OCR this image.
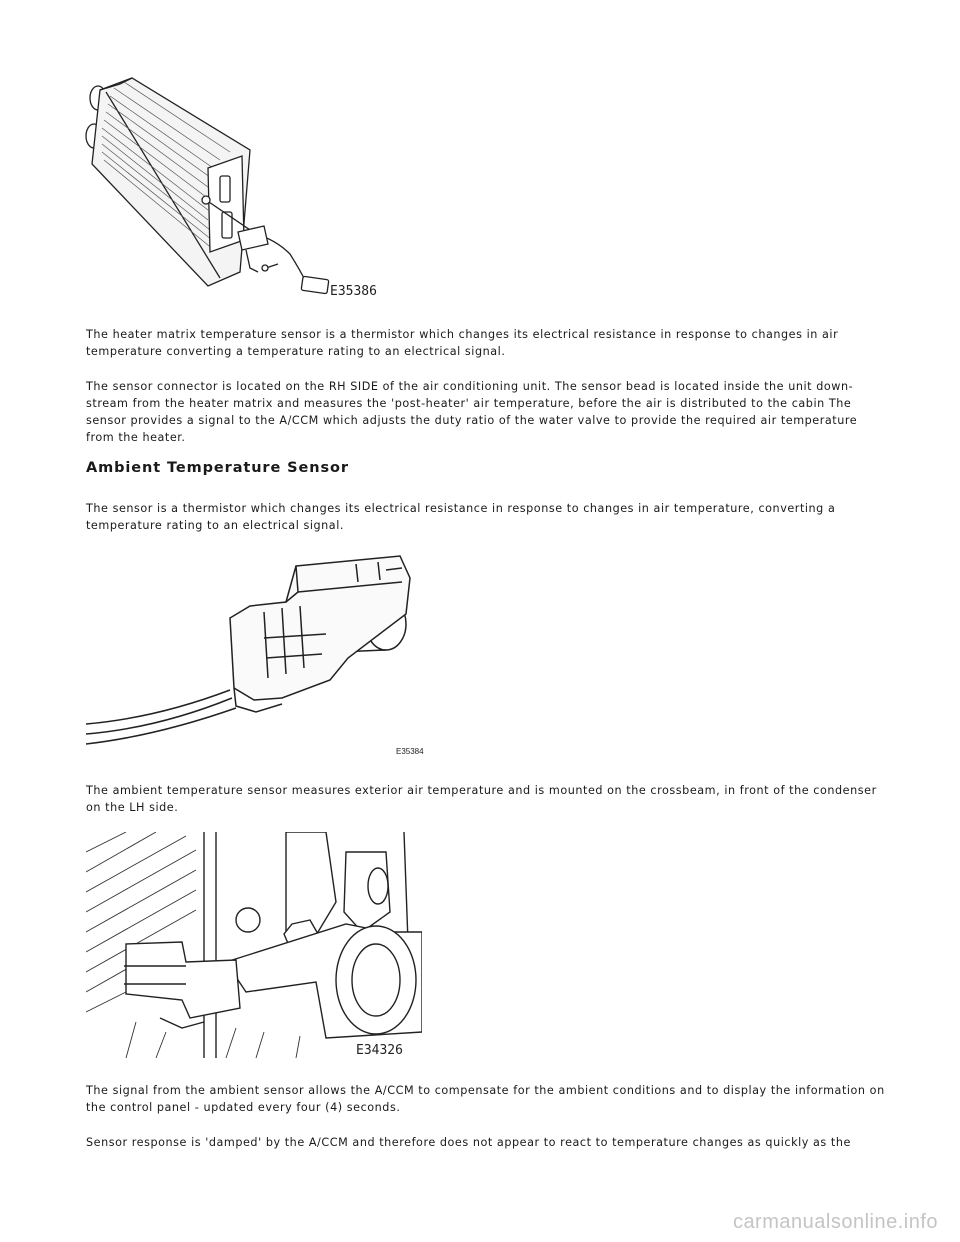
E35386

The heater matrix temperature sensor is a thermistor which changes its electrical resistance in response to changes in air temperature converting a temperature rating to an electrical signal.

The sensor connector is located on the RH SIDE of the air conditioning unit. The sensor bead is located inside the unit down-stream from the heater matrix and measures the 'post-heater' air temperature, before the air is distributed to the cabin The sensor provides a signal to the A/CCM which adjusts the duty ratio of the water valve to provide the required air temperature from the heater.

Ambient Temperature Sensor

The sensor is a thermistor which changes its electrical resistance in response to changes in air temperature, converting a temperature rating to an electrical signal.

E35384

The ambient temperature sensor measures exterior air temperature and is mounted on the crossbeam, in front of the condenser on the LH side.

E34326

The signal from the ambient sensor allows the A/CCM to compensate for the ambient conditions and to display the information on the control panel - updated every four (4) seconds.

Sensor response is 'damped' by the A/CCM and therefore does not appear to react to temperature changes as quickly as the

carmanualsonline.info
